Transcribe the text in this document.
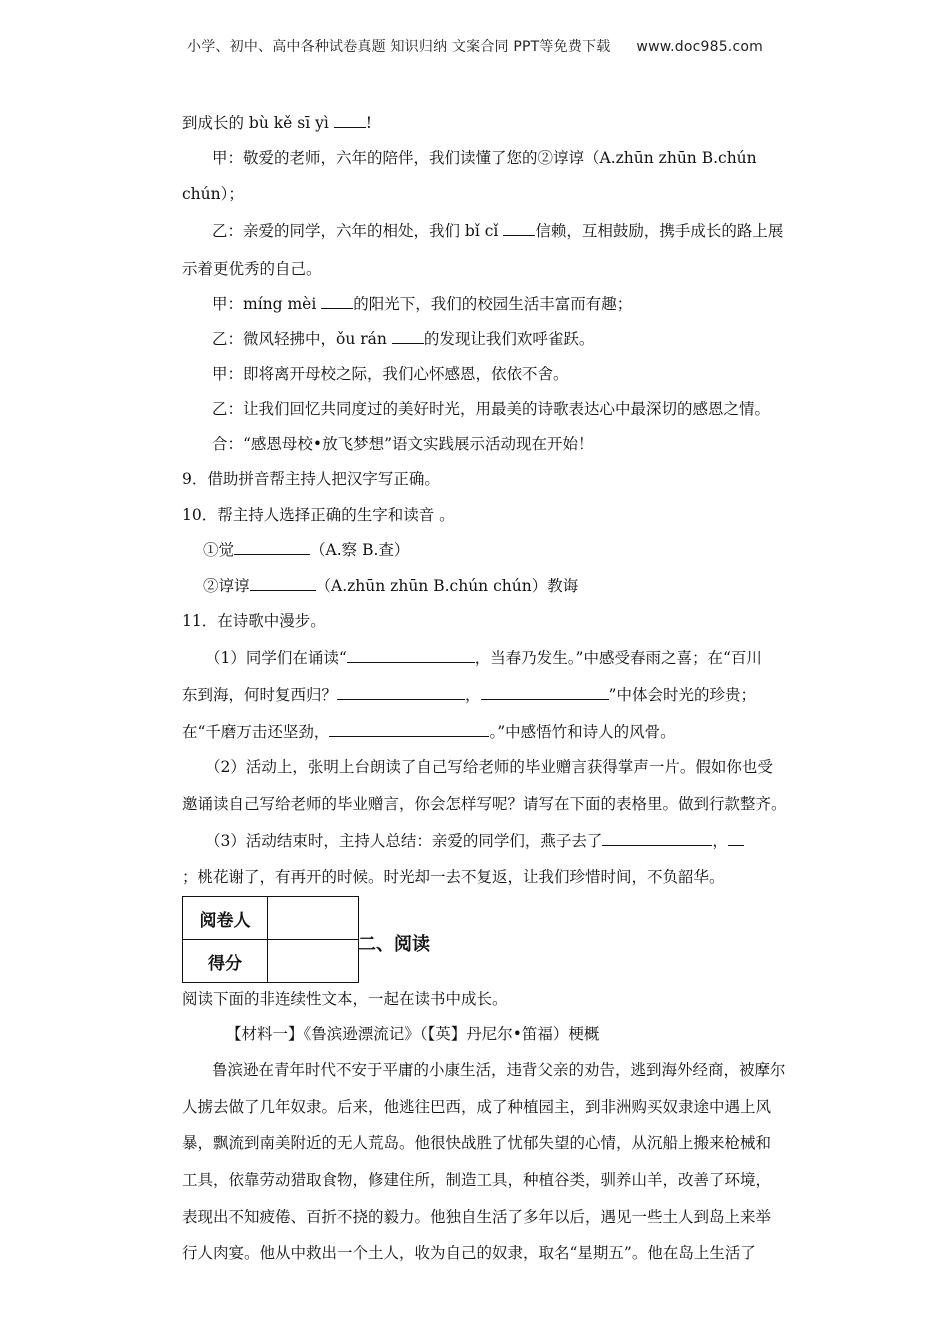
小学、初中、高中各种试卷真题 知识归纳 文案合同 PPT等免费下载 www.doc985.com
到成长的 bù kě sī yì !
甲：敬爱的老师，六年的陪伴，我们读懂了您的②谆谆（A.zhūn zhūn B.chún
chún）；
乙：亲爱的同学，六年的相处，我们 bǐ cǐ 信赖，互相鼓励，携手成长的路上展
示着更优秀的自己。
甲：míng mèi 的阳光下，我们的校园生活丰富而有趣；
乙：微风轻拂中，ǒu rán 的发现让我们欢呼雀跃。
甲：即将离开母校之际，我们心怀感恩，依依不舍。
乙：让我们回忆共同度过的美好时光，用最美的诗歌表达心中最深切的感恩之情。
合：“感恩母校•放飞梦想”语文实践展示活动现在开始！
9．借助拼音帮主持人把汉字写正确。
10．帮主持人选择正确的生字和读音 。
①觉	（A.察 B.查）
②谆谆	（A.zhūn zhūn B.chún chún）教诲
11．在诗歌中漫步。
（1）同学们在诵读“	，当春乃发生。”中感受春雨之喜；在“百川
东到海，何时复西归？	，	”中体会时光的珍贵；
在“千磨万击还坚劲，	。”中感悟竹和诗人的风骨。
（2）活动上，张明上台朗读了自己写给老师的毕业赠言获得掌声一片。假如你也受
邀诵读自己写给老师的毕业赠言，你会怎样写呢？请写在下面的表格里。做到行款整齐。
（3）活动结束时，主持人总结：亲爱的同学们，燕子去了	，
；桃花谢了，有再开的时候。时光却一去不复返，让我们珍惜时间，不负韶华。
阅卷人	
得分	
二、阅读
阅读下面的非连续性文本，一起在读书中成长。
【材料一】《鲁滨逊漂流记》（【英】丹尼尔•笛福）梗概
鲁滨逊在青年时代不安于平庸的小康生活，违背父亲的劝告，逃到海外经商，被摩尔
人掳去做了几年奴隶。后来，他逃往巴西，成了种植园主，到非洲购买奴隶途中遇上风
暴，飘流到南美附近的无人荒岛。他很快战胜了忧郁失望的心情，从沉船上搬来枪械和
工具，依靠劳动猎取食物，修建住所，制造工具，种植谷类，驯养山羊，改善了环境，
表现出不知疲倦、百折不挠的毅力。他独自生活了多年以后，遇见一些土人到岛上来举
行人肉宴。他从中救出一个土人，收为自己的奴隶，取名“星期五”。他在岛上生活了
